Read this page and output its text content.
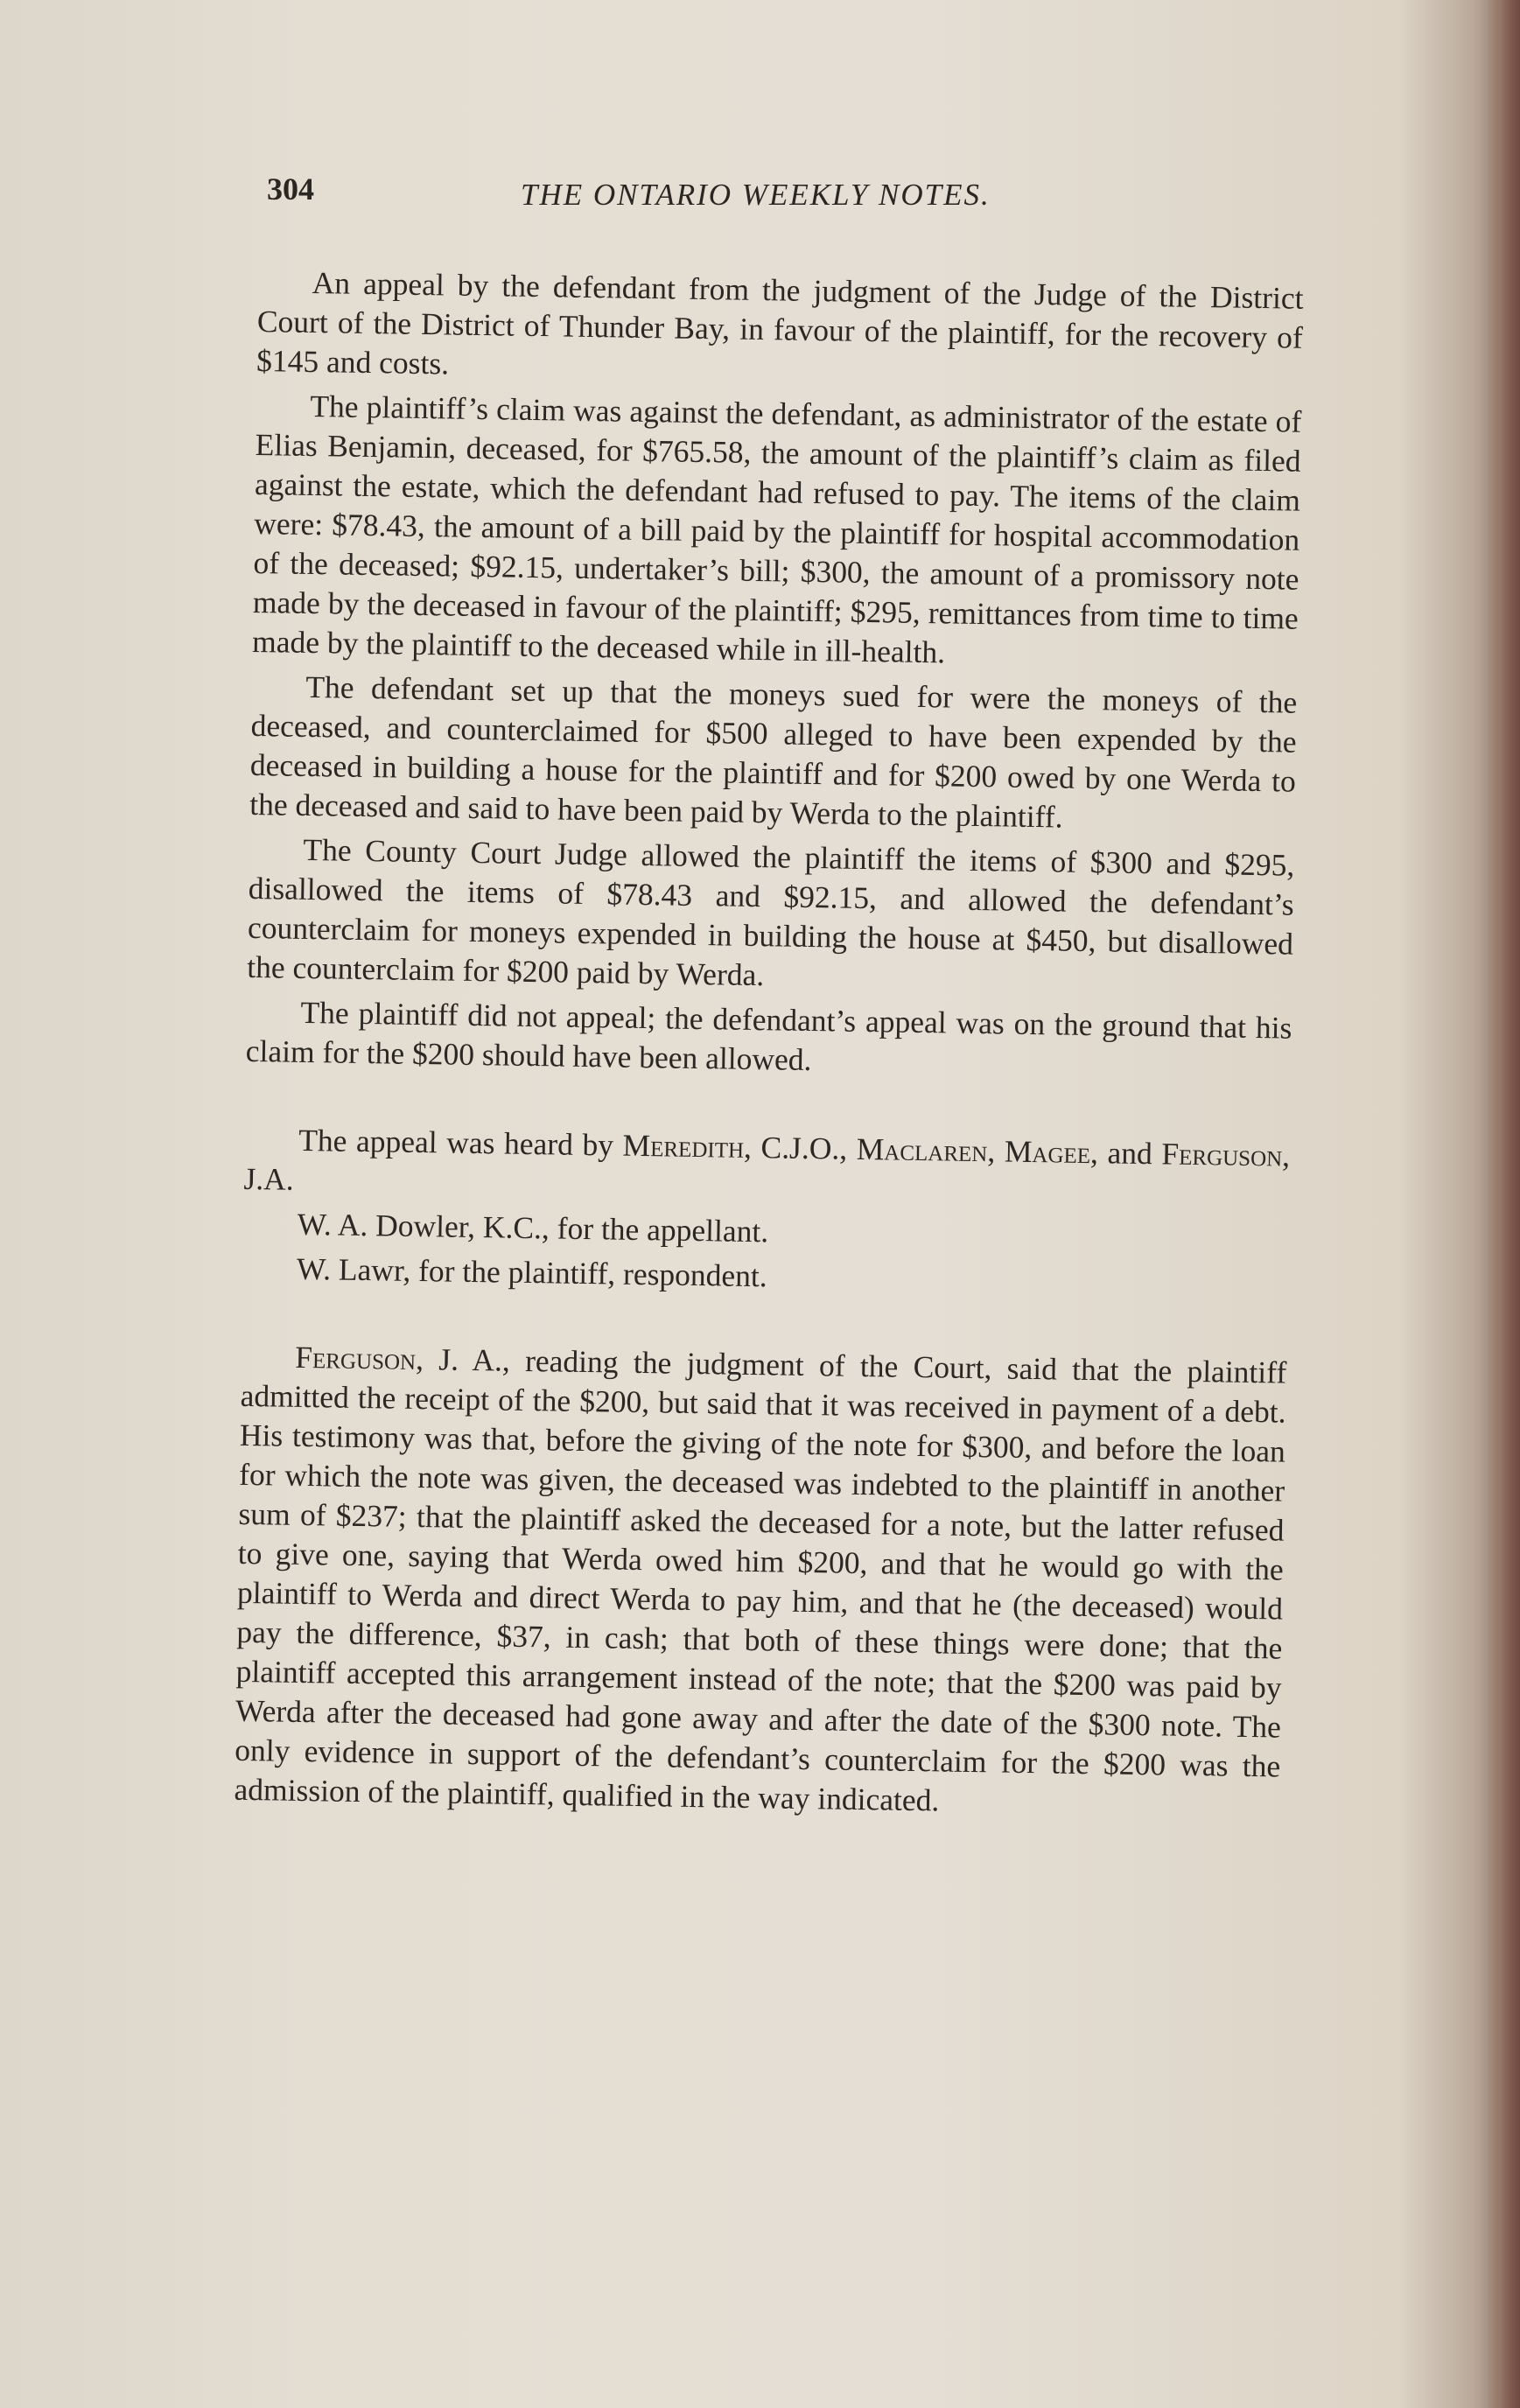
304	THE ONTARIO WEEKLY NOTES.

An appeal by the defendant from the judgment of the Judge of the District Court of the District of Thunder Bay, in favour of the plaintiff, for the recovery of $145 and costs.

The plaintiff’s claim was against the defendant, as administrator of the estate of Elias Benjamin, deceased, for $765.58, the amount of the plaintiff’s claim as filed against the estate, which the defendant had refused to pay. The items of the claim were: $78.43, the amount of a bill paid by the plaintiff for hospital accommodation of the deceased; $92.15, undertaker’s bill; $300, the amount of a promissory note made by the deceased in favour of the plaintiff; $295, remittances from time to time made by the plaintiff to the deceased while in ill-health.

The defendant set up that the moneys sued for were the moneys of the deceased, and counterclaimed for $500 alleged to have been expended by the deceased in building a house for the plaintiff and for $200 owed by one Werda to the deceased and said to have been paid by Werda to the plaintiff.

The County Court Judge allowed the plaintiff the items of $300 and $295, disallowed the items of $78.43 and $92.15, and allowed the defendant’s counterclaim for moneys expended in building the house at $450, but disallowed the counterclaim for $200 paid by Werda.

The plaintiff did not appeal; the defendant’s appeal was on the ground that his claim for the $200 should have been allowed.

The appeal was heard by Meredith, C.J.O., Maclaren, Magee, and Ferguson, J.A.

W. A. Dowler, K.C., for the appellant.

W. Lawr, for the plaintiff, respondent.

Ferguson, J. A., reading the judgment of the Court, said that the plaintiff admitted the receipt of the $200, but said that it was received in payment of a debt. His testimony was that, before the giving of the note for $300, and before the loan for which the note was given, the deceased was indebted to the plaintiff in another sum of $237; that the plaintiff asked the deceased for a note, but the latter refused to give one, saying that Werda owed him $200, and that he would go with the plaintiff to Werda and direct Werda to pay him, and that he (the deceased) would pay the difference, $37, in cash; that both of these things were done; that the plaintiff accepted this arrangement instead of the note; that the $200 was paid by Werda after the deceased had gone away and after the date of the $300 note. The only evidence in support of the defendant’s counterclaim for the $200 was the admission of the plaintiff, qualified in the way indicated.
